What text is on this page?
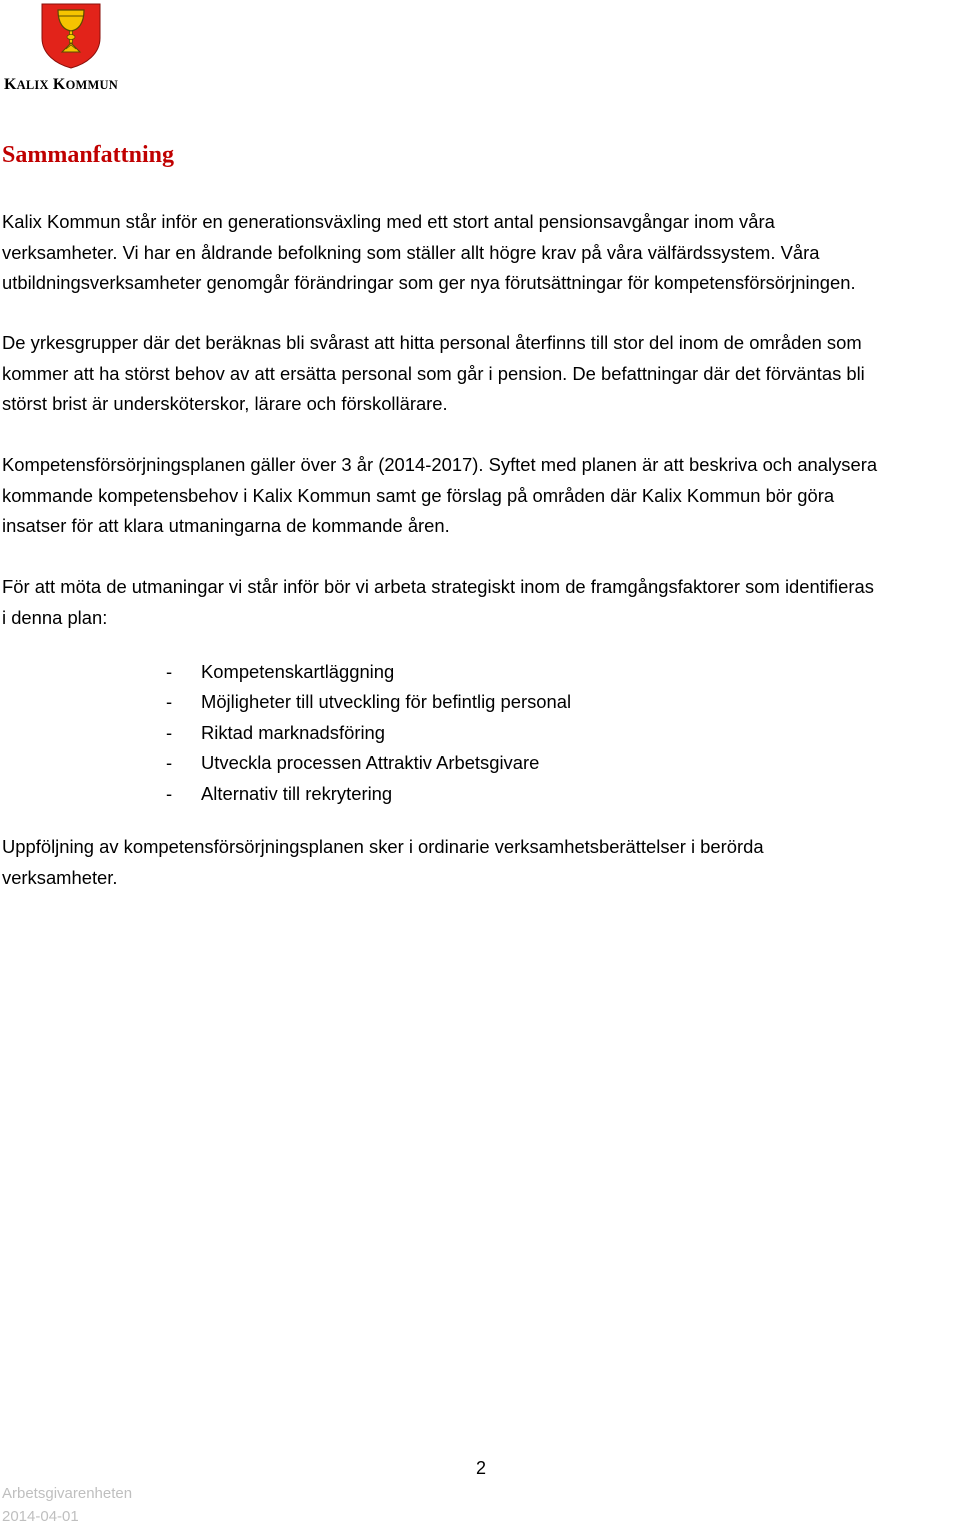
KALIX KOMMUN
Sammanfattning

Kalix Kommun står inför en generationsväxling med ett stort antal pensionsavgångar inom våra
verksamheter. Vi har en åldrande befolkning som ställer allt högre krav på våra välfärdssystem. Våra
utbildningsverksamheter genomgår förändringar som ger nya förutsättningar för kompetensförsörjningen.

De yrkesgrupper där det beräknas bli svårast att hitta personal återfinns till stor del inom de områden som
kommer att ha störst behov av att ersätta personal som går i pension. De befattningar där det förväntas bli
störst brist är undersköterskor, lärare och förskollärare.

Kompetensförsörjningsplanen gäller över 3 år (2014-2017). Syftet med planen är att beskriva och analysera
kommande kompetensbehov i Kalix Kommun samt ge förslag på områden där Kalix Kommun bör göra
insatser för att klara utmaningarna de kommande åren.

För att möta de utmaningar vi står inför bör vi arbeta strategiskt inom de framgångsfaktorer som identifieras
i denna plan:

- Kompetenskartläggning
- Möjligheter till utveckling för befintlig personal
- Riktad marknadsföring
- Utveckla processen Attraktiv Arbetsgivare
- Alternativ till rekrytering

Uppföljning av kompetensförsörjningsplanen sker i ordinarie verksamhetsberättelser i berörda
verksamheter.

2
Arbetsgivarenheten
2014-04-01
